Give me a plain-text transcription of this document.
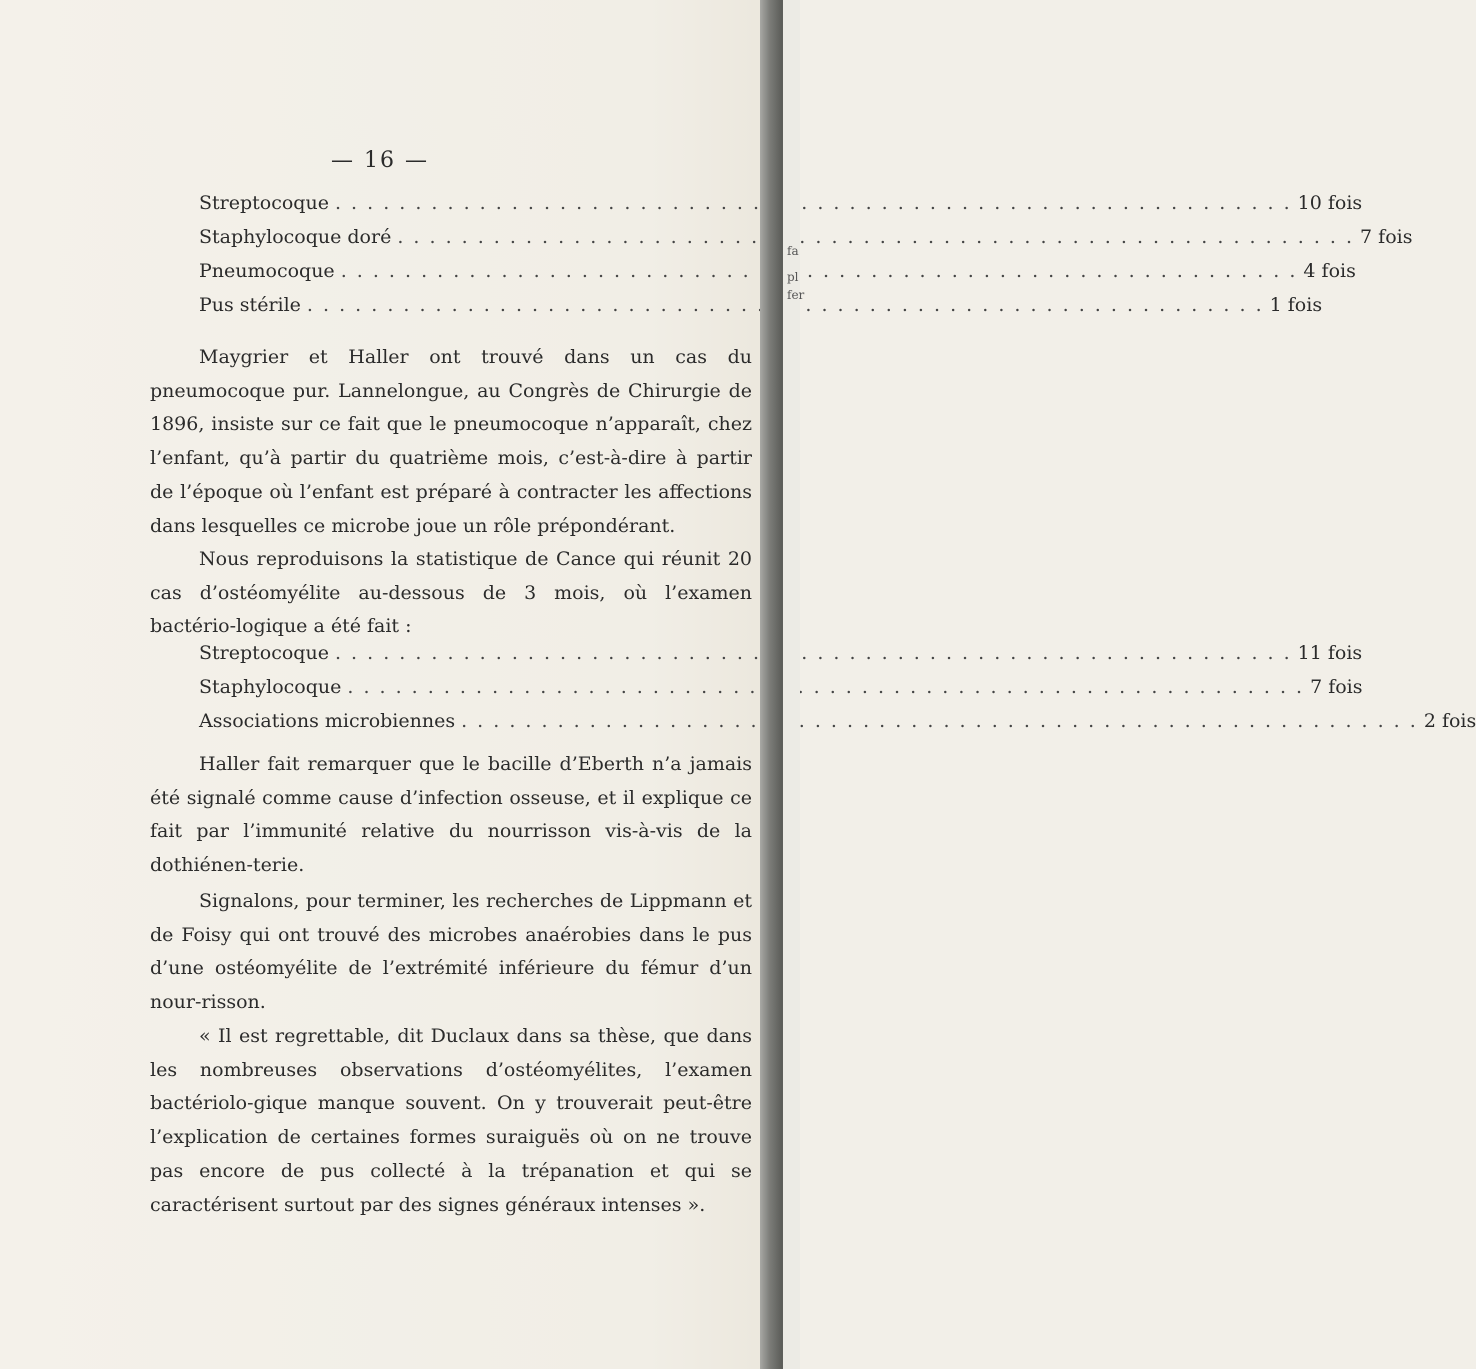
— 16 —
Streptocoque . . .	10 fois
Staphylocoque doré . . .	7 fois
Pneumocoque . . .	4 fois
Pus stérile . . .	1 fois

Maygrier et Haller ont trouvé dans un cas du pneumocoque pur. Lannelongue, au Congrès de Chirurgie de 1896, insiste sur ce fait que le pneumocoque n’apparaît, chez l’enfant, qu’à partir du quatrième mois, c’est-à-dire à partir de l’époque où l’enfant est préparé à contracter les affections dans lesquelles ce microbe joue un rôle prépondérant.

Nous reproduisons la statistique de Cance qui réunit 20 cas d’ostéomyélite au-dessous de 3 mois, où l’examen bactério-logique a été fait :

Streptocoque . . .	11 fois
Staphylocoque . . .	7 fois
Associations microbiennes . . .	2 fois

Haller fait remarquer que le bacille d’Eberth n’a jamais été signalé comme cause d’infection osseuse, et il explique ce fait par l’immunité relative du nourrisson vis-à-vis de la dothiénen-terie.

Signalons, pour terminer, les recherches de Lippmann et de Foisy qui ont trouvé des microbes anaérobies dans le pus d’une ostéomyélite de l’extrémité inférieure du fémur d’un nour-risson.

« Il est regrettable, dit Duclaux dans sa thèse, que dans les nombreuses observations d’ostéomyélites, l’examen bactériolo-gique manque souvent. On y trouverait peut-être l’explication de certaines formes suraiguës où on ne trouve pas encore de pus collecté à la trépanation et qui se caractérisent surtout par des signes généraux intenses ».

fa
pl
fer
